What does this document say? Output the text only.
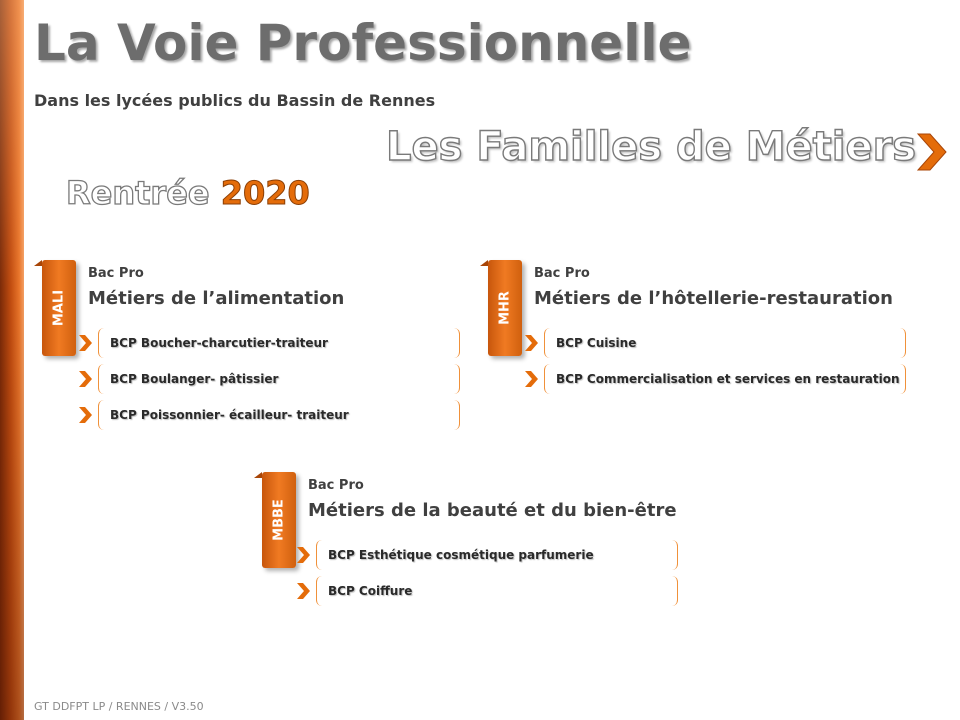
La Voie Professionnelle
Dans les lycées publics du Bassin de Rennes
Les Familles de Métiers
Rentrée 2020
MALI
Bac Pro
Métiers de l’alimentation
BCP Boucher-charcutier-traiteur
BCP Boulanger- pâtissier
BCP Poissonnier- écailleur- traiteur
MHR
Bac Pro
Métiers de l’hôtellerie-restauration
BCP Cuisine
BCP Commercialisation et services en restauration
MBBE
Bac Pro
Métiers de la beauté et du bien-être
BCP Esthétique cosmétique parfumerie
BCP Coiffure
GT DDFPT LP / RENNES / V3.50
